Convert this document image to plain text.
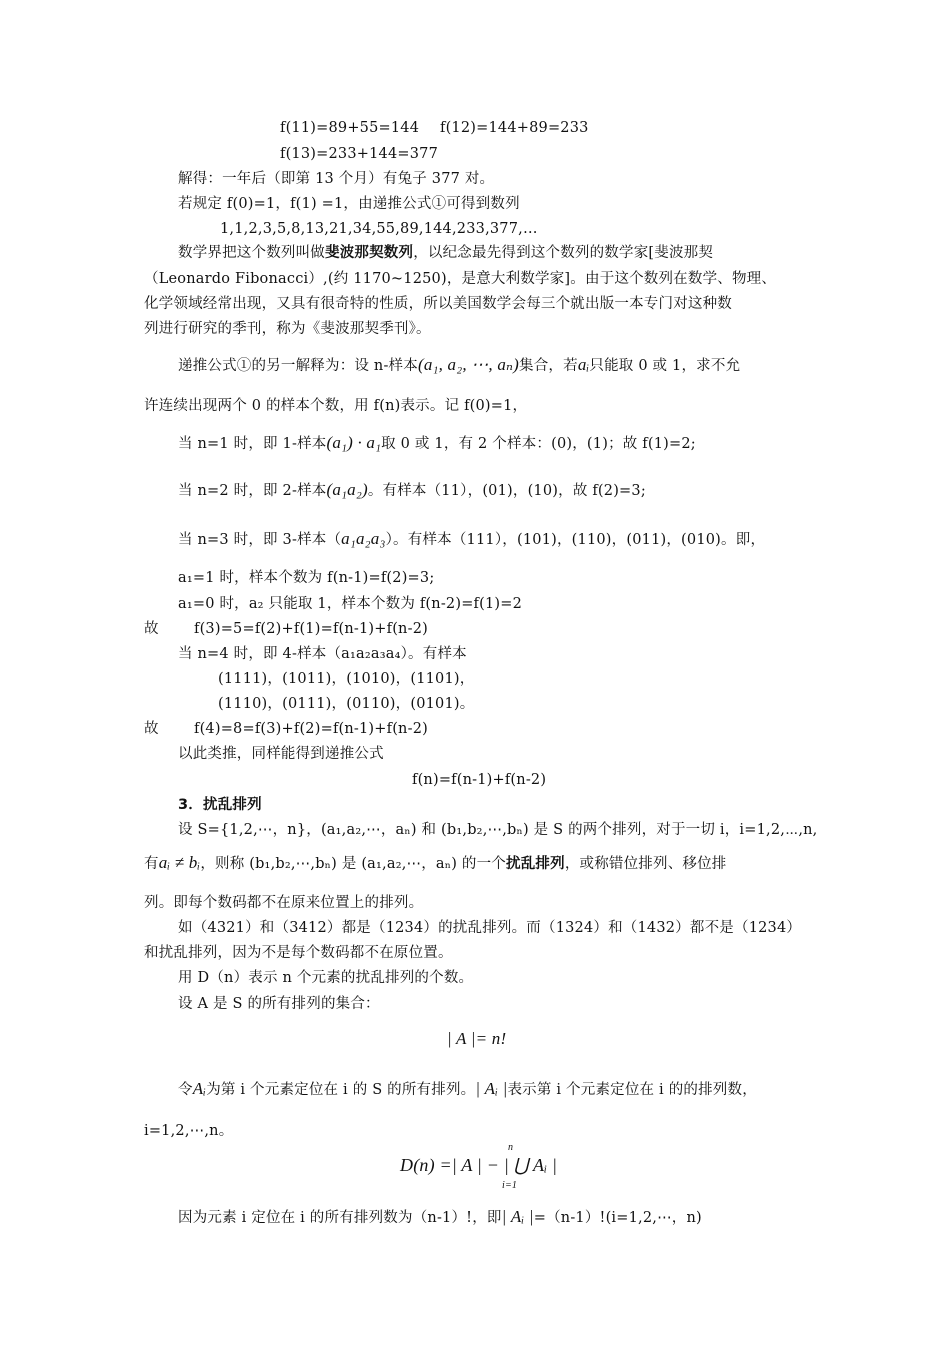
f(11)=89+55=144 f(12)=144+89=233
f(13)=233+144=377
解得：一年后（即第 13 个月）有兔子 377 对。
若规定 f(0)=1，f(1) =1，由递推公式①可得到数列
1,1,2,3,5,8,13,21,34,55,89,144,233,377,…
数学界把这个数列叫做斐波那契数列，以纪念最先得到这个数列的数学家[斐波那契
（Leonardo Fibonacci）,(约 1170~1250)，是意大利数学家]。由于这个数列在数学、物理、
化学领域经常出现，又具有很奇特的性质，所以美国数学会每三个就出版一本专门对这种数
列进行研究的季刊，称为《斐波那契季刊》。
递推公式①的另一解释为：设 n-样本(a₁, a₂, ⋯, aₙ)集合，若aᵢ只能取 0 或 1，求不允
许连续出现两个 0 的样本个数，用 f(n)表示。记 f(0)=1，
当 n=1 时，即 1-样本(a₁) · a₁取 0 或 1，有 2 个样本：(0)，(1)；故 f(1)=2;
当 n=2 时，即 2-样本(a₁a₂)。有样本（11），(01)，(10)，故 f(2)=3;
当 n=3 时，即 3-样本（a₁a₂a₃）。有样本（111），(101)，(110)，(011)，(010)。即，
a₁=1 时，样本个数为 f(n-1)=f(2)=3;
a₁=0 时，a₂ 只能取 1，样本个数为 f(n-2)=f(1)=2
故 f(3)=5=f(2)+f(1)=f(n-1)+f(n-2)
当 n=4 时，即 4-样本（a₁a₂a₃a₄）。有样本
(1111)，(1011)，(1010)，(1101)，
(1110)，(0111)，(0110)，(0101)。
故 f(4)=8=f(3)+f(2)=f(n-1)+f(n-2)
以此类推，同样能得到递推公式
f(n)=f(n-1)+f(n-2)
3．扰乱排列
设 S={1,2,⋯，n}，(a₁,a₂,⋯，aₙ) 和 (b₁,b₂,⋯,bₙ) 是 S 的两个排列，对于一切 i，i=1,2,⋯,n,
有aᵢ ≠ bᵢ，则称 (b₁,b₂,⋯,bₙ) 是 (a₁,a₂,⋯，aₙ) 的一个扰乱排列，或称错位排列、移位排
列。即每个数码都不在原来位置上的排列。
如（4321）和（3412）都是（1234）的扰乱排列。而（1324）和（1432）都不是（1234）
和扰乱排列，因为不是每个数码都不在原位置。
用 D（n）表示 n 个元素的扰乱排列的个数。
设 A 是 S 的所有排列的集合：
| A |= n!
令Aᵢ为第 i 个元素定位在 i 的 S 的所有排列。| Aᵢ |表示第 i 个元素定位在 i 的的排列数，
i=1,2,⋯,n。
n
D(n) =| A | − | ⋃ Aᵢ |
i=1
因为元素 i 定位在 i 的所有排列数为（n-1）!，即| Aᵢ |=（n-1）!(i=1,2,⋯，n)
